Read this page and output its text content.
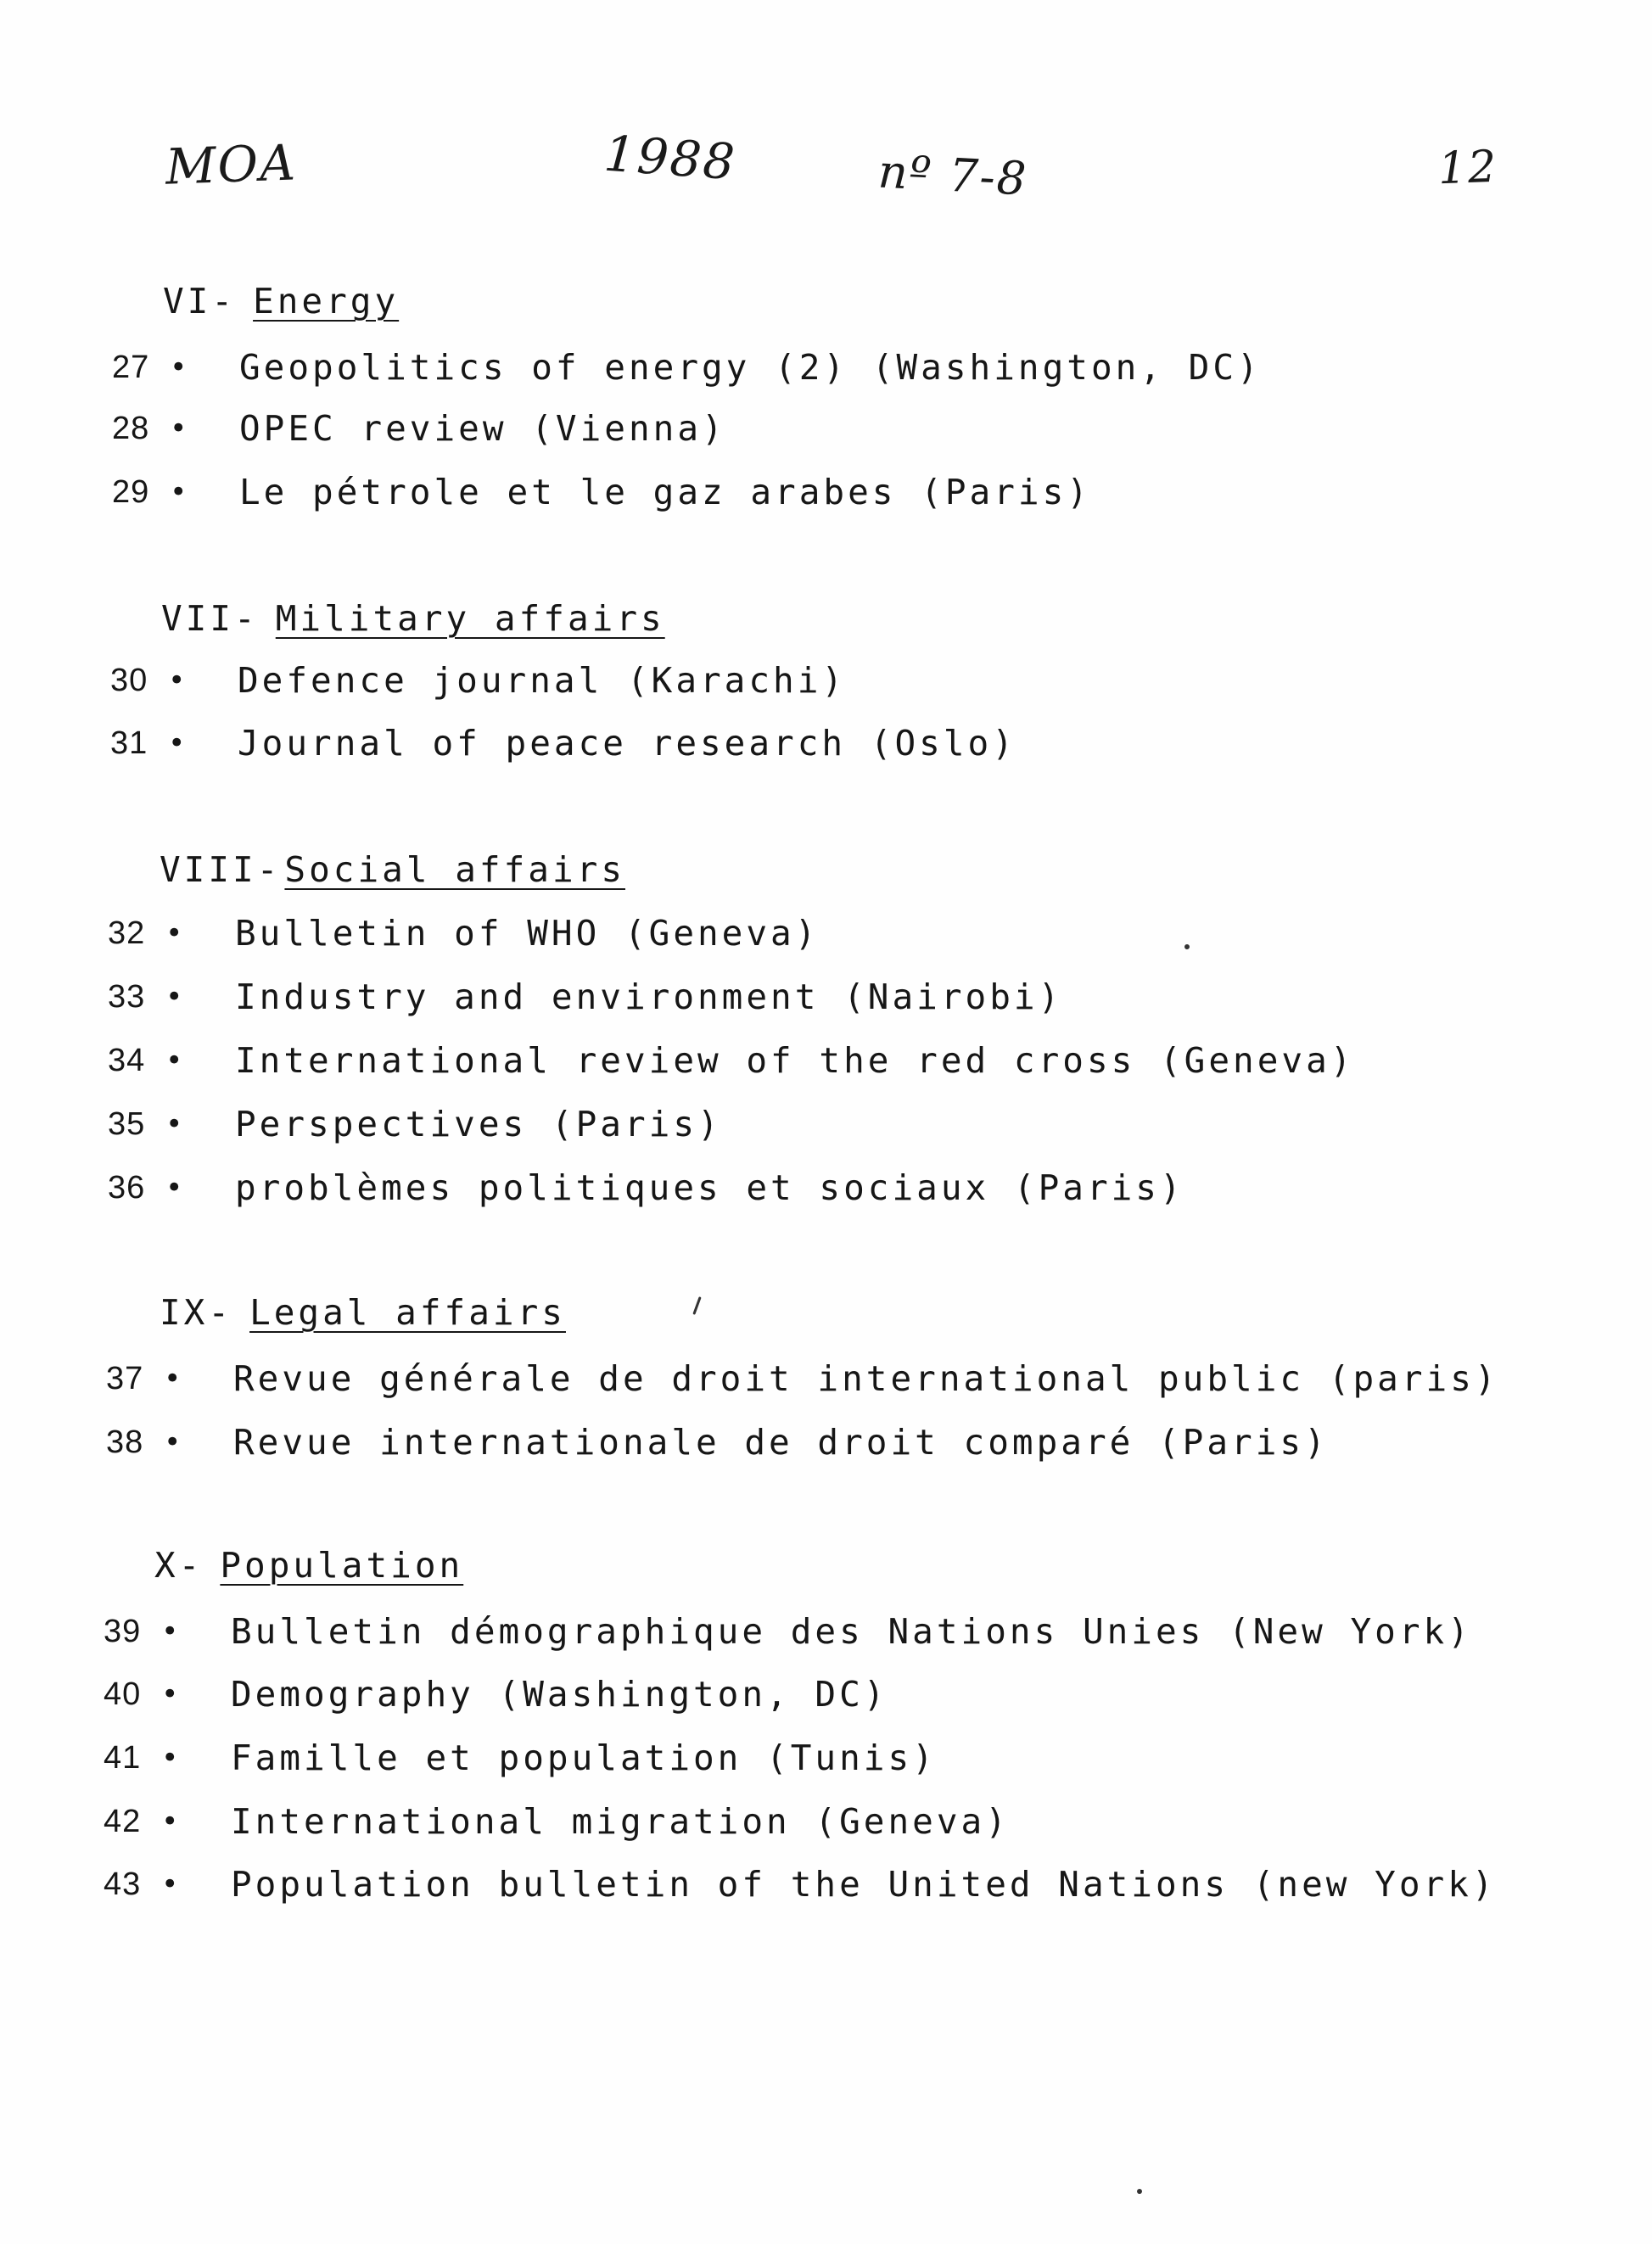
MOA	1988	nº 7-8	12
VI- Energy
27 • Geopolitics of energy (2) (Washington, DC)
28 • OPEC review (Vienna)
29 • Le pétrole et le gaz arabes (Paris)
VII- Military affairs
30 • Defence journal (Karachi)
31 • Journal of peace research (Oslo)
VIII-Social affairs
32 • Bulletin of WHO (Geneva)
33 • Industry and environment (Nairobi)
34 • International review of the red cross (Geneva)
35 • Perspectives (Paris)
36 • problèmes politiques et sociaux (Paris)
IX- Legal affairs
37 • Revue générale de droit international public (paris)
38 • Revue internationale de droit comparé (Paris)
X- Population
39 • Bulletin démographique des Nations Unies (New York)
40 • Demography (Washington, DC)
41 • Famille et population (Tunis)
42 • International migration (Geneva)
43 • Population bulletin of the United Nations (new York)
